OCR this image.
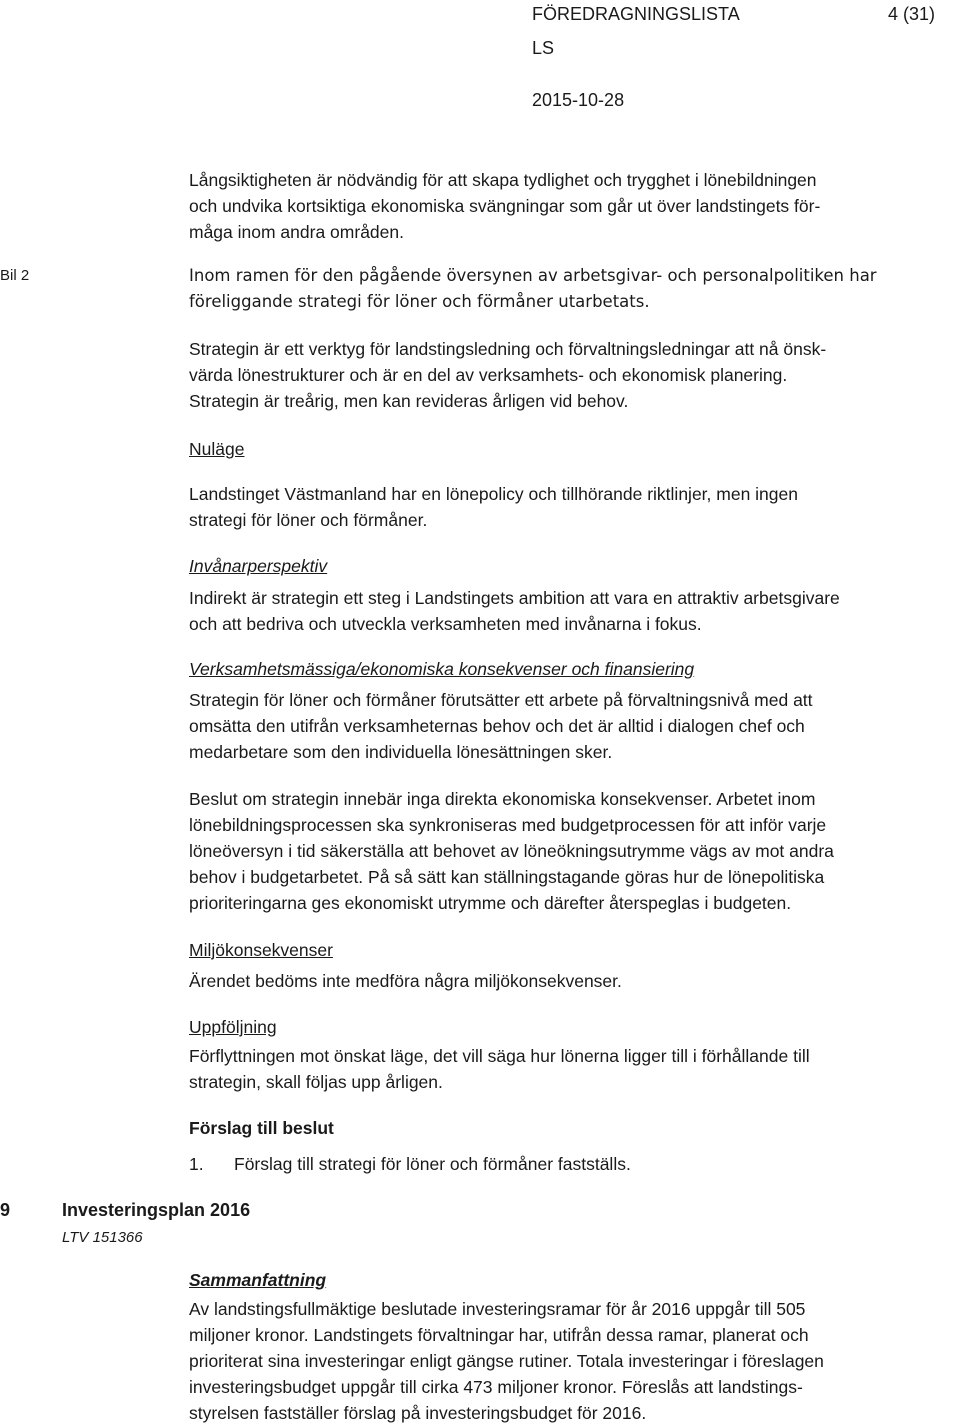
FÖREDRAGNINGSLISTA	4 (31)
LS
2015-10-28
Bil 2
Långsiktigheten är nödvändig för att skapa tydlighet och trygghet i lönebildningen
och undvika kortsiktiga ekonomiska svängningar som går ut över landstingets för-
måga inom andra områden.
Inom ramen för den pågående översynen av arbetsgivar- och personalpolitiken har
föreliggande strategi för löner och förmåner utarbetats.
Strategin är ett verktyg för landstingsledning och förvaltningsledningar att nå önsk-
värda lönestrukturer och är en del av verksamhets- och ekonomisk planering.
Strategin är treårig, men kan revideras årligen vid behov.
Nuläge
Landstinget Västmanland har en lönepolicy och tillhörande riktlinjer, men ingen
strategi för löner och förmåner.
Invånarperspektiv
Indirekt är strategin ett steg i Landstingets ambition att vara en attraktiv arbetsgivare
och att bedriva och utveckla verksamheten med invånarna i fokus.
Verksamhetsmässiga/ekonomiska konsekvenser och finansiering
Strategin för löner och förmåner förutsätter ett arbete på förvaltningsnivå med att
omsätta den utifrån verksamheternas behov och det är alltid i dialogen chef och
medarbetare som den individuella lönesättningen sker.
Beslut om strategin innebär inga direkta ekonomiska konsekvenser. Arbetet inom
lönebildningsprocessen ska synkroniseras med budgetprocessen för att inför varje
löneöversyn i tid säkerställa att behovet av löneökningsutrymme vägs av mot andra
behov i budgetarbetet. På så sätt kan ställningstagande göras hur de lönepolitiska
prioriteringarna ges ekonomiskt utrymme och därefter återspeglas i budgeten.
Miljökonsekvenser
Ärendet bedöms inte medföra några miljökonsekvenser.
Uppföljning
Förflyttningen mot önskat läge, det vill säga hur lönerna ligger till i förhållande till
strategin, skall följas upp årligen.
Förslag till beslut
1. Förslag till strategi för löner och förmåner fastställs.
9	Investeringsplan 2016
LTV 151366
Sammanfattning
Av landstingsfullmäktige beslutade investeringsramar för år 2016 uppgår till 505
miljoner kronor. Landstingets förvaltningar har, utifrån dessa ramar, planerat och
prioriterat sina investeringar enligt gängse rutiner. Totala investeringar i föreslagen
investeringsbudget uppgår till cirka 473 miljoner kronor. Föreslås att landstings-
styrelsen fastställer förslag på investeringsbudget för 2016.
